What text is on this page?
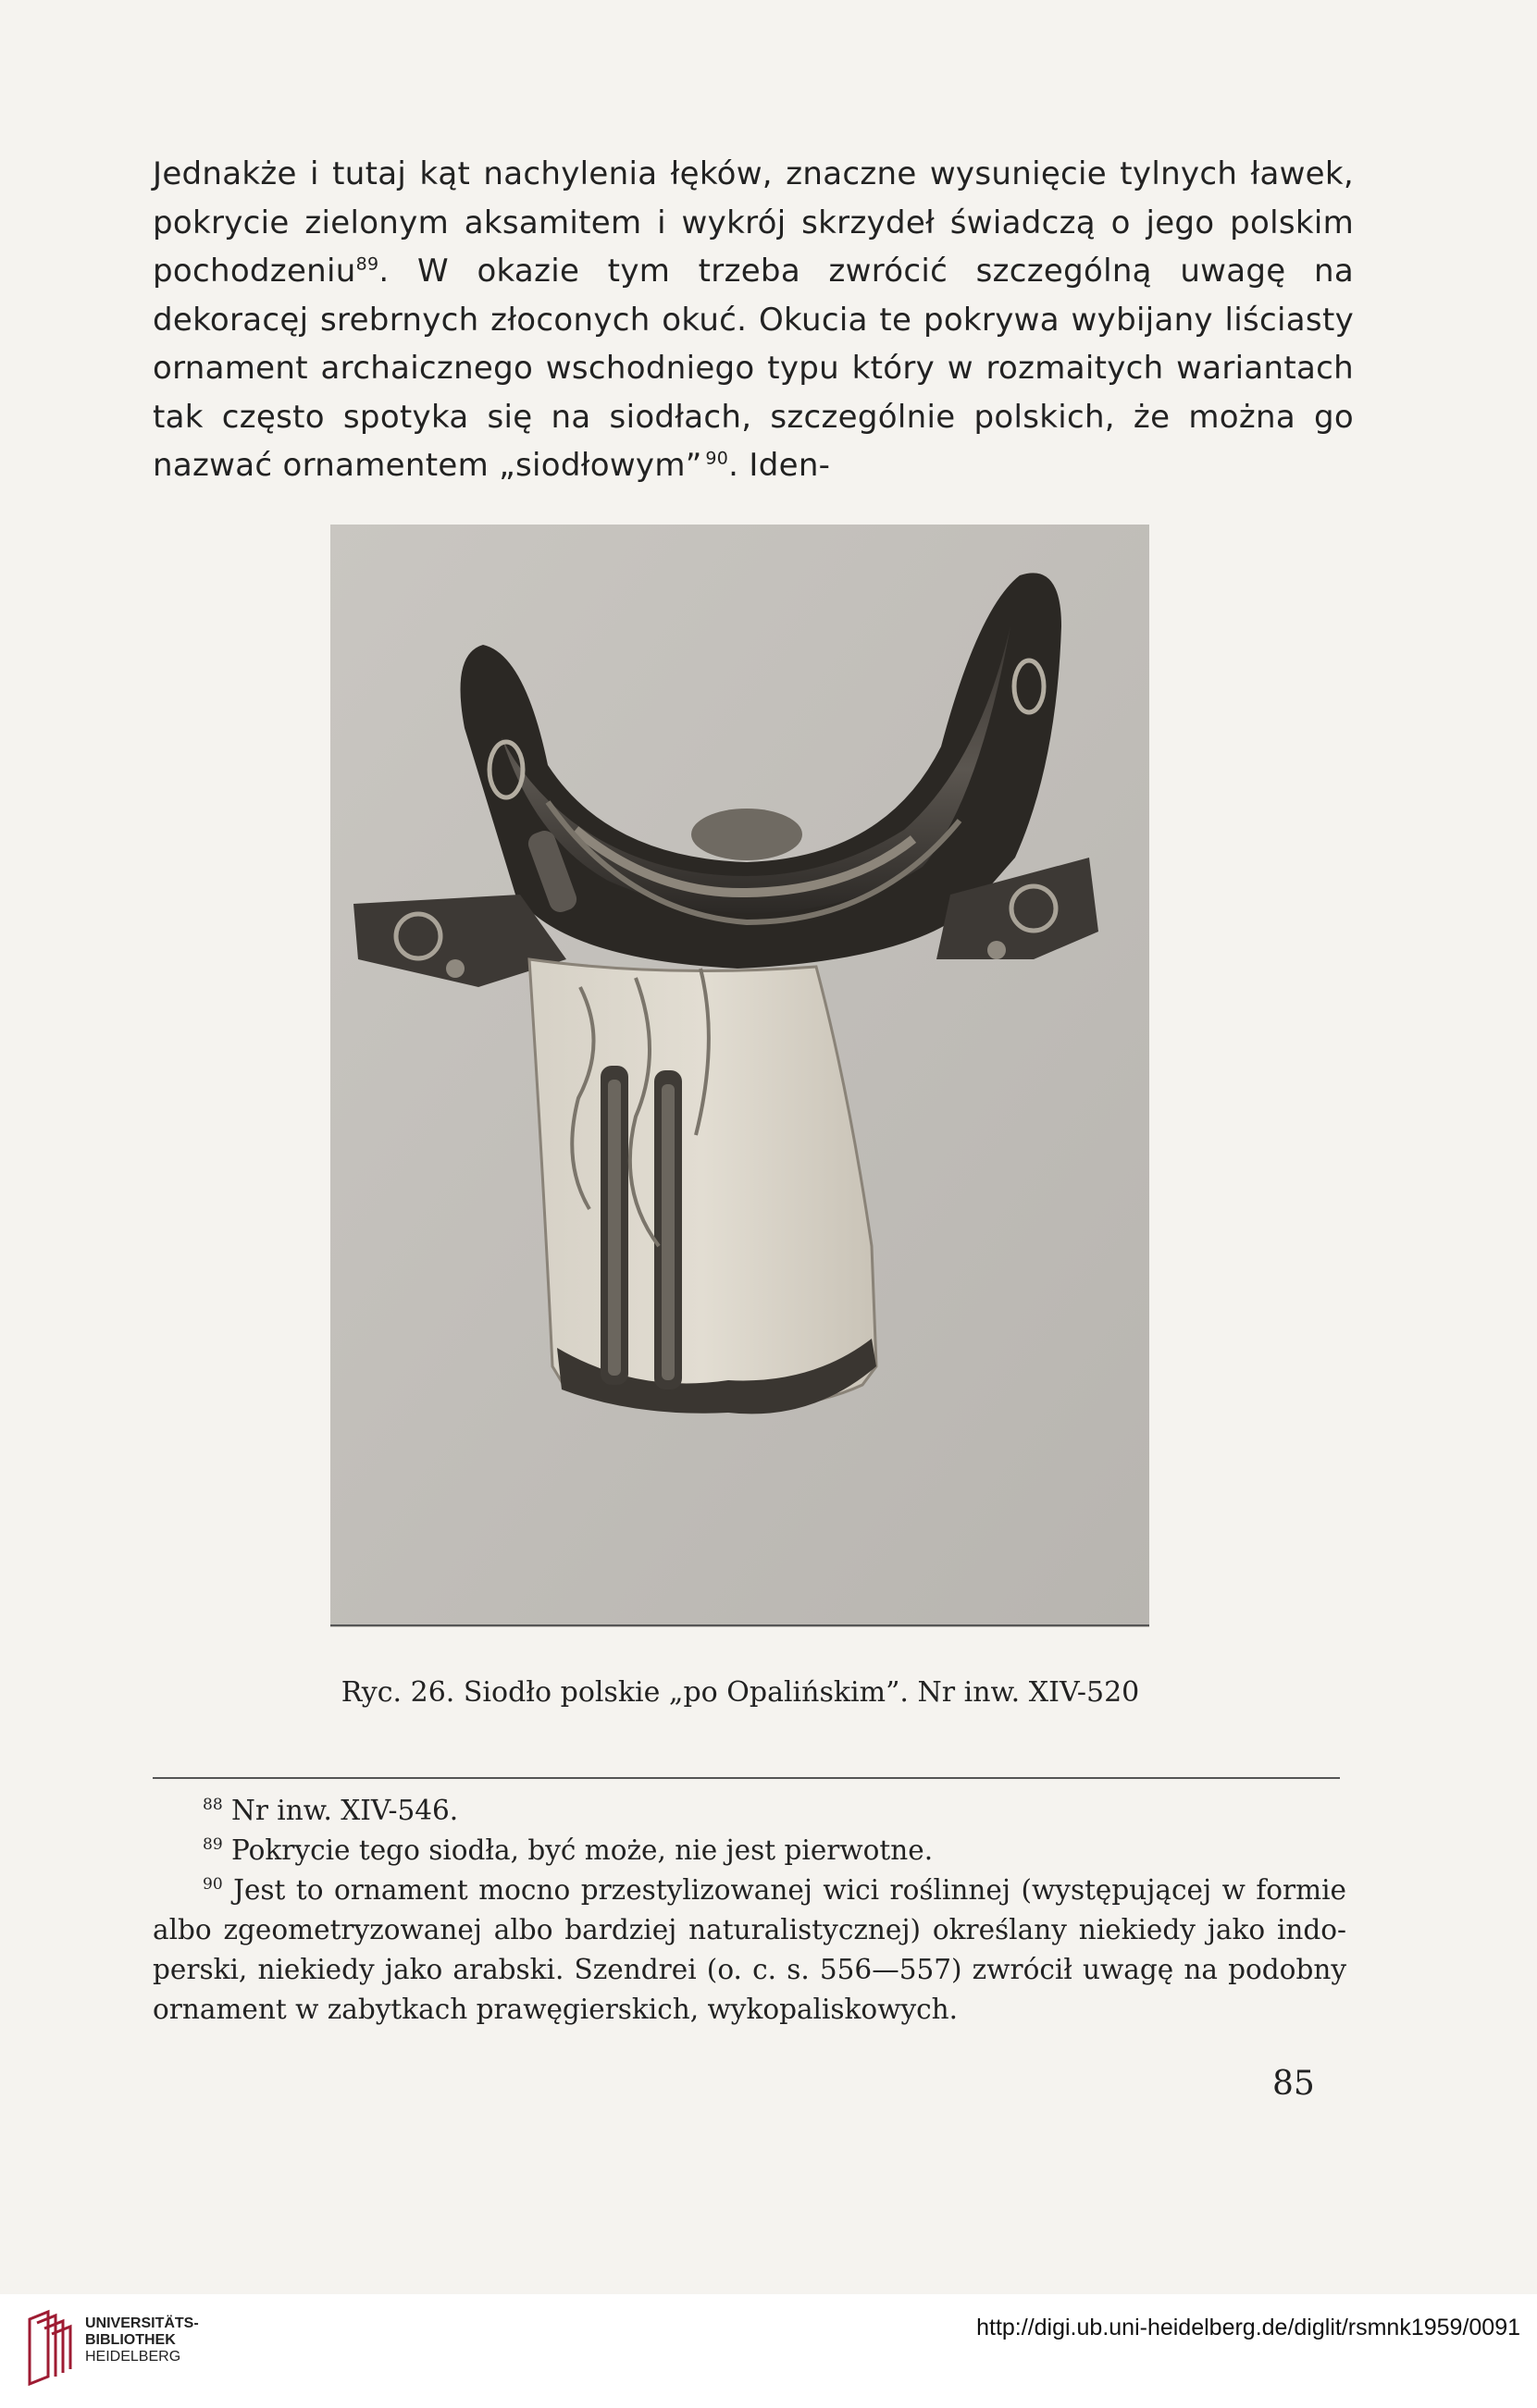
Jednakże i tutaj kąt nachylenia łęków, znaczne wysunięcie tylnych ławek, pokrycie zielonym aksamitem i wykrój skrzydeł świadczą o jego polskim pochodzeniu$^{89}$. W okazie tym trzeba zwrócić szczególną uwagę na dekoracęj srebrnych złoconych okuć. Okucia te pokrywa wybijany liściasty ornament archaicznego wschodniego typu który w rozmaitych wariantach tak często spotyka się na siodłach, szczególnie polskich, że można go nazwać ornamentem „siodłowym”  $^{90}$. Iden-

Ryc. 26. Siodło polskie „po Opalińskim”. Nr inw. XIV-520

$^{88}$ Nr inw. XIV-546.

$^{89}$ Pokrycie tego siodła, być może, nie jest pierwotne.

$^{90}$ Jest to ornament mocno przestylizowanej wici roślinnej (występującej w formie albo zgeometryzowanej albo bardziej naturalistycznej) określany niekiedy jako indo-perski, niekiedy jako arabski. Szendrei (o. c. s. 556—557) zwrócił uwagę na podobny ornament w zabytkach prawęgierskich, wykopaliskowych.

85
UNIVERSITÄTS-
BIBLIOTHEK
HEIDELBERG
http://digi.ub.uni-heidelberg.de/diglit/rsmnk1959/0091
